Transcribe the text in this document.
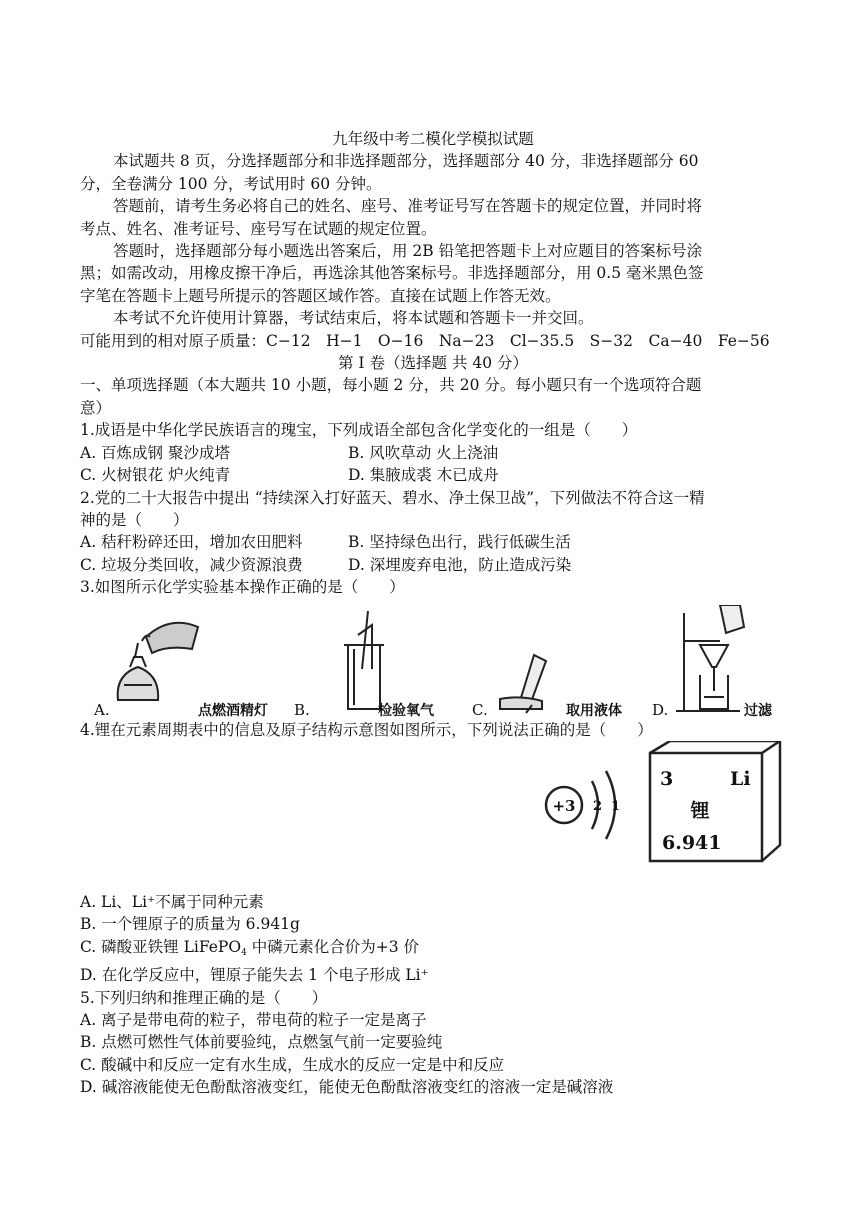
九年级中考二模化学模拟试题
本试题共 8 页，分选择题部分和非选择题部分，选择题部分 40 分，非选择题部分 60
分，全卷满分 100 分，考试用时 60 分钟。
答题前，请考生务必将自己的姓名、座号、准考证号写在答题卡的规定位置，并同时将
考点、姓名、准考证号、座号写在试题的规定位置。
答题时，选择题部分每小题选出答案后，用 2B 铅笔把答题卡上对应题目的答案标号涂
黑；如需改动，用橡皮擦干净后，再选涂其他答案标号。非选择题部分，用 0.5 毫米黑色签
字笔在答题卡上题号所提示的答题区域作答。直接在试题上作答无效。
本考试不允许使用计算器，考试结束后，将本试题和答题卡一并交回。
可能用到的相对原子质量：C−12　H−1　O−16　Na−23　Cl−35.5　S−32　Ca−40　Fe−56
第 Ⅰ 卷（选择题 共 40 分）
一、单项选择题（本大题共 10 小题，每小题 2 分，共 20 分。每小题只有一个选项符合题
意）
1.成语是中华化学民族语言的瑰宝，下列成语全部包含化学变化的一组是（　　）
A. 百炼成钢 聚沙成塔	B. 风吹草动 火上浇油
C. 火树银花 炉火纯青	D. 集腋成裘 木已成舟
2.党的二十大报告中提出 “持续深入打好蓝天、碧水、净土保卫战”，下列做法不符合这一精
神的是（　　）
A. 秸秆粉碎还田，增加农田肥料	B. 坚持绿色出行，践行低碳生活
C. 垃圾分类回收，减少资源浪费	D. 深埋废弃电池，防止造成污染
3.如图所示化学实验基本操作正确的是（　　）
A.	点燃酒精灯 B.	检验氧气	C.	取用液体 D.	过滤
4.锂在元素周期表中的信息及原子结构示意图如图所示，下列说法正确的是（　　）
+3 2 1
3	Li
锂
6.941
A. Li、Li⁺不属于同种元素
B. 一个锂原子的质量为 6.941g
C. 磷酸亚铁锂 LiFePO$_4$ 中磷元素化合价为+3 价
D. 在化学反应中，锂原子能失去 1 个电子形成 Li⁺
5.下列归纳和推理正确的是（　　）
A. 离子是带电荷的粒子，带电荷的粒子一定是离子
B. 点燃可燃性气体前要验纯，点燃氢气前一定要验纯
C. 酸碱中和反应一定有水生成，生成水的反应一定是中和反应
D. 碱溶液能使无色酚酞溶液变红，能使无色酚酞溶液变红的溶液一定是碱溶液
